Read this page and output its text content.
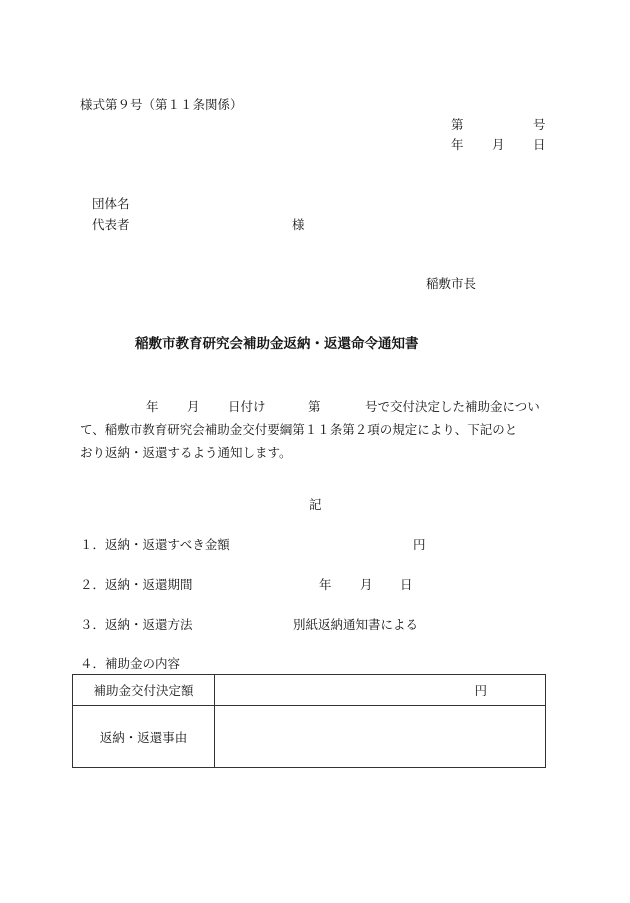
様式第９号（第１１条関係）
第	号
年 月 日
団体名
代表者	様
稲敷市長
稲敷市教育研究会補助金返納・返還命令通知書
年 月 日付け	第	号で交付決定した補助金につい
て、稲敷市教育研究会補助金交付要綱第１１条第２項の規定により、下記のと
おり返納・返還するよう通知します。
記
１．返納・返還すべき金額	円
２．返納・返還期間	年 月 日
３．返納・返還方法	別紙返納通知書による
４．補助金の内容
補助金交付決定額	円
返納・返還事由	
